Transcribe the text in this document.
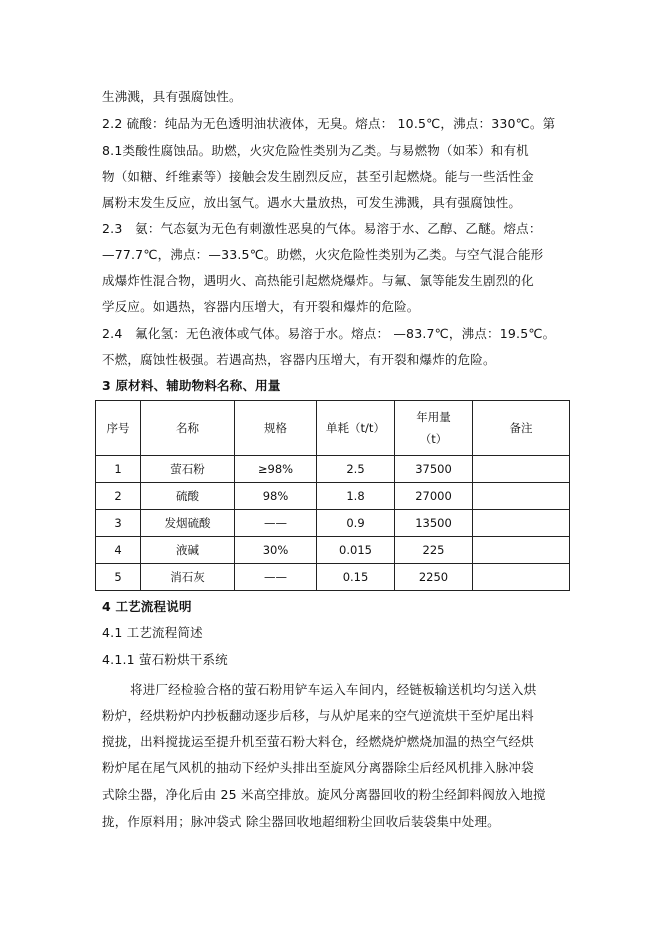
生沸溅，具有强腐蚀性。
2.2 硫酸：纯品为无色透明油状液体，无臭。熔点： 10.5℃，沸点：330℃。第
8.1类酸性腐蚀品。助燃，火灾危险性类别为乙类。与易燃物（如苯）和有机
物（如糖、纤维素等）接触会发生剧烈反应，甚至引起燃烧。能与一些活性金
属粉末发生反应，放出氢气。遇水大量放热，可发生沸溅，具有强腐蚀性。
2.3　氨：气态氨为无色有刺激性恶臭的气体。易溶于水、乙醇、乙醚。熔点：
—77.7℃，沸点：—33.5℃。助燃，火灾危险性类别为乙类。与空气混合能形
成爆炸性混合物，遇明火、高热能引起燃烧爆炸。与氟、氯等能发生剧烈的化
学反应。如遇热，容器内压增大，有开裂和爆炸的危险。
2.4　氟化氢：无色液体或气体。易溶于水。熔点： —83.7℃，沸点：19.5℃。
不燃，腐蚀性极强。若遇高热，容器内压增大，有开裂和爆炸的危险。
3 原材料、辅助物料名称、用量
序号	名称	规格	单耗（t/t）	年用量（t）	备注
1	萤石粉	≥98%	2.5	37500	
2	硫酸	98%	1.8	27000	
3	发烟硫酸	——	0.9	13500	
4	液碱	30%	0.015	225	
5	消石灰	——	0.15	2250	
4 工艺流程说明
4.1 工艺流程简述
4.1.1 萤石粉烘干系统
将进厂经检验合格的萤石粉用铲车运入车间内，经链板输送机均匀送入烘
粉炉，经烘粉炉内抄板翻动逐步后移，与从炉尾来的空气逆流烘干至炉尾出料
搅拢，出料搅拢运至提升机至萤石粉大料仓，经燃烧炉燃烧加温的热空气经烘
粉炉尾在尾气风机的抽动下经炉头排出至旋风分离器除尘后经风机排入脉冲袋
式除尘器，净化后由 25 米高空排放。旋风分离器回收的粉尘经卸料阀放入地搅
拢，作原料用；脉冲袋式 除尘器回收地超细粉尘回收后装袋集中处理。
